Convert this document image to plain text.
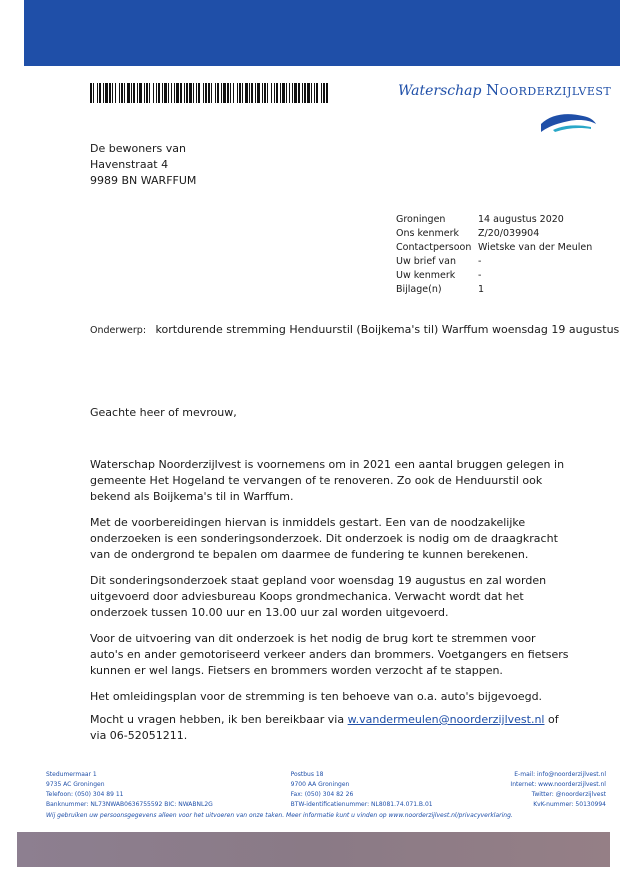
Waterschap Noorderzijlvest
De bewoners van
Havenstraat 4
9989 BN WARFFUM
Groningen	14 augustus 2020
Ons kenmerk	Z/20/039904
Contactpersoon Wietske van der Meulen
Uw brief van	-
Uw kenmerk	-
Bijlage(n)	1
Onderwerp: kortdurende stremming Henduurstil (Boijkema's til) Warffum woensdag 19 augustus
Geachte heer of mevrouw,

Waterschap Noorderzijlvest is voornemens om in 2021 een aantal bruggen gelegen in gemeente Het Hogeland te vervangen of te renoveren. Zo ook de Henduurstil ook bekend als Boijkema's til in Warffum.

Met de voorbereidingen hiervan is inmiddels gestart. Een van de noodzakelijke onderzoeken is een sonderingsonderzoek. Dit onderzoek is nodig om de draagkracht van de ondergrond te bepalen om daarmee de fundering te kunnen berekenen.

Dit sonderingsonderzoek staat gepland voor woensdag 19 augustus en zal worden uitgevoerd door adviesbureau Koops grondmechanica. Verwacht wordt dat het onderzoek tussen 10.00 uur en 13.00 uur zal worden uitgevoerd.

Voor de uitvoering van dit onderzoek is het nodig de brug kort te stremmen voor auto's en ander gemotoriseerd verkeer anders dan brommers. Voetgangers en fietsers kunnen er wel langs. Fietsers en brommers worden verzocht af te stappen.

Het omleidingsplan voor de stremming is ten behoeve van o.a. auto's bijgevoegd.

Mocht u vragen hebben, ik ben bereikbaar via w.vandermeulen@noorderzijlvest.nl of via 06-52051211.
Stedumermaar 1
9735 AC Groningen
Telefoon: (050) 304 89 11
Banknummer: NL73NWAB0636755592 BIC: NWABNL2G
Postbus 18
9700 AA Groningen
Fax: (050) 304 82 26
BTW-identificatienummer: NL8081.74.071.B.01
E-mail: info@noorderzijlvest.nl
Internet: www.noorderzijlvest.nl
Twitter: @noorderzijlvest
KvK-nummer: 50130994
Wij gebruiken uw persoonsgegevens alleen voor het uitvoeren van onze taken. Meer informatie kunt u vinden op www.noorderzijlvest.nl/privacyverklaring.
